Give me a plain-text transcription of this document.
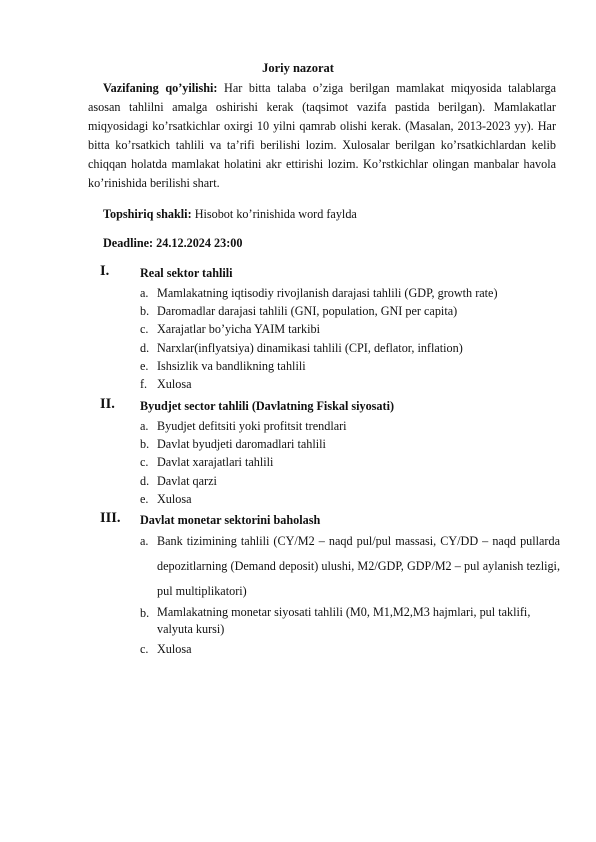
Joriy nazorat

Vazifaning qo’yilishi: Har bitta talaba o’ziga berilgan mamlakat miqyosida talablarga asosan tahlilni amalga oshirishi kerak (taqsimot vazifa pastida berilgan). Mamlakatlar miqyosidagi ko’rsatkichlar oxirgi 10 yilni qamrab olishi kerak. (Masalan, 2013-2023 yy). Har bitta ko’rsatkich tahlili va ta’rifi berilishi lozim. Xulosalar berilgan ko’rsatkichlardan kelib chiqqan holatda mamlakat holatini akr ettirishi lozim. Ko’rstkichlar olingan manbalar havola ko’rinishida berilishi shart.

Topshiriq shakli: Hisobot ko’rinishida word faylda
Deadline: 24.12.2024 23:00
I.	Real sektor tahlili
a. Mamlakatning iqtisodiy rivojlanish darajasi tahlili (GDP, growth rate)
b. Daromadlar darajasi tahlili (GNI, population, GNI per capita)
c. Xarajatlar bo’yicha YAIM tarkibi
d. Narxlar(inflyatsiya) dinamikasi tahlili (CPI, deflator, inflation)
e. Ishsizlik va bandlikning tahlili
f. Xulosa
II. Byudjet sector tahlili (Davlatning Fiskal siyosati)
a. Byudjet defitsiti yoki profitsit trendlari
b. Davlat byudjeti daromadlari tahlili
c. Davlat xarajatlari tahlili
d. Davlat qarzi
e. Xulosa
III. Davlat monetar sektorini baholash
a. Bank tizimining tahlili (CY/M2 – naqd pul/pul massasi, CY/DD – naqd pullarda depozitlarning (Demand deposit) ulushi, M2/GDP, GDP/M2 – pul aylanish tezligi, pul multiplikatori)
b. Mamlakatning monetar siyosati tahlili (M0, M1,M2,M3 hajmlari, pul taklifi, valyuta kursi)
c. Xulosa
